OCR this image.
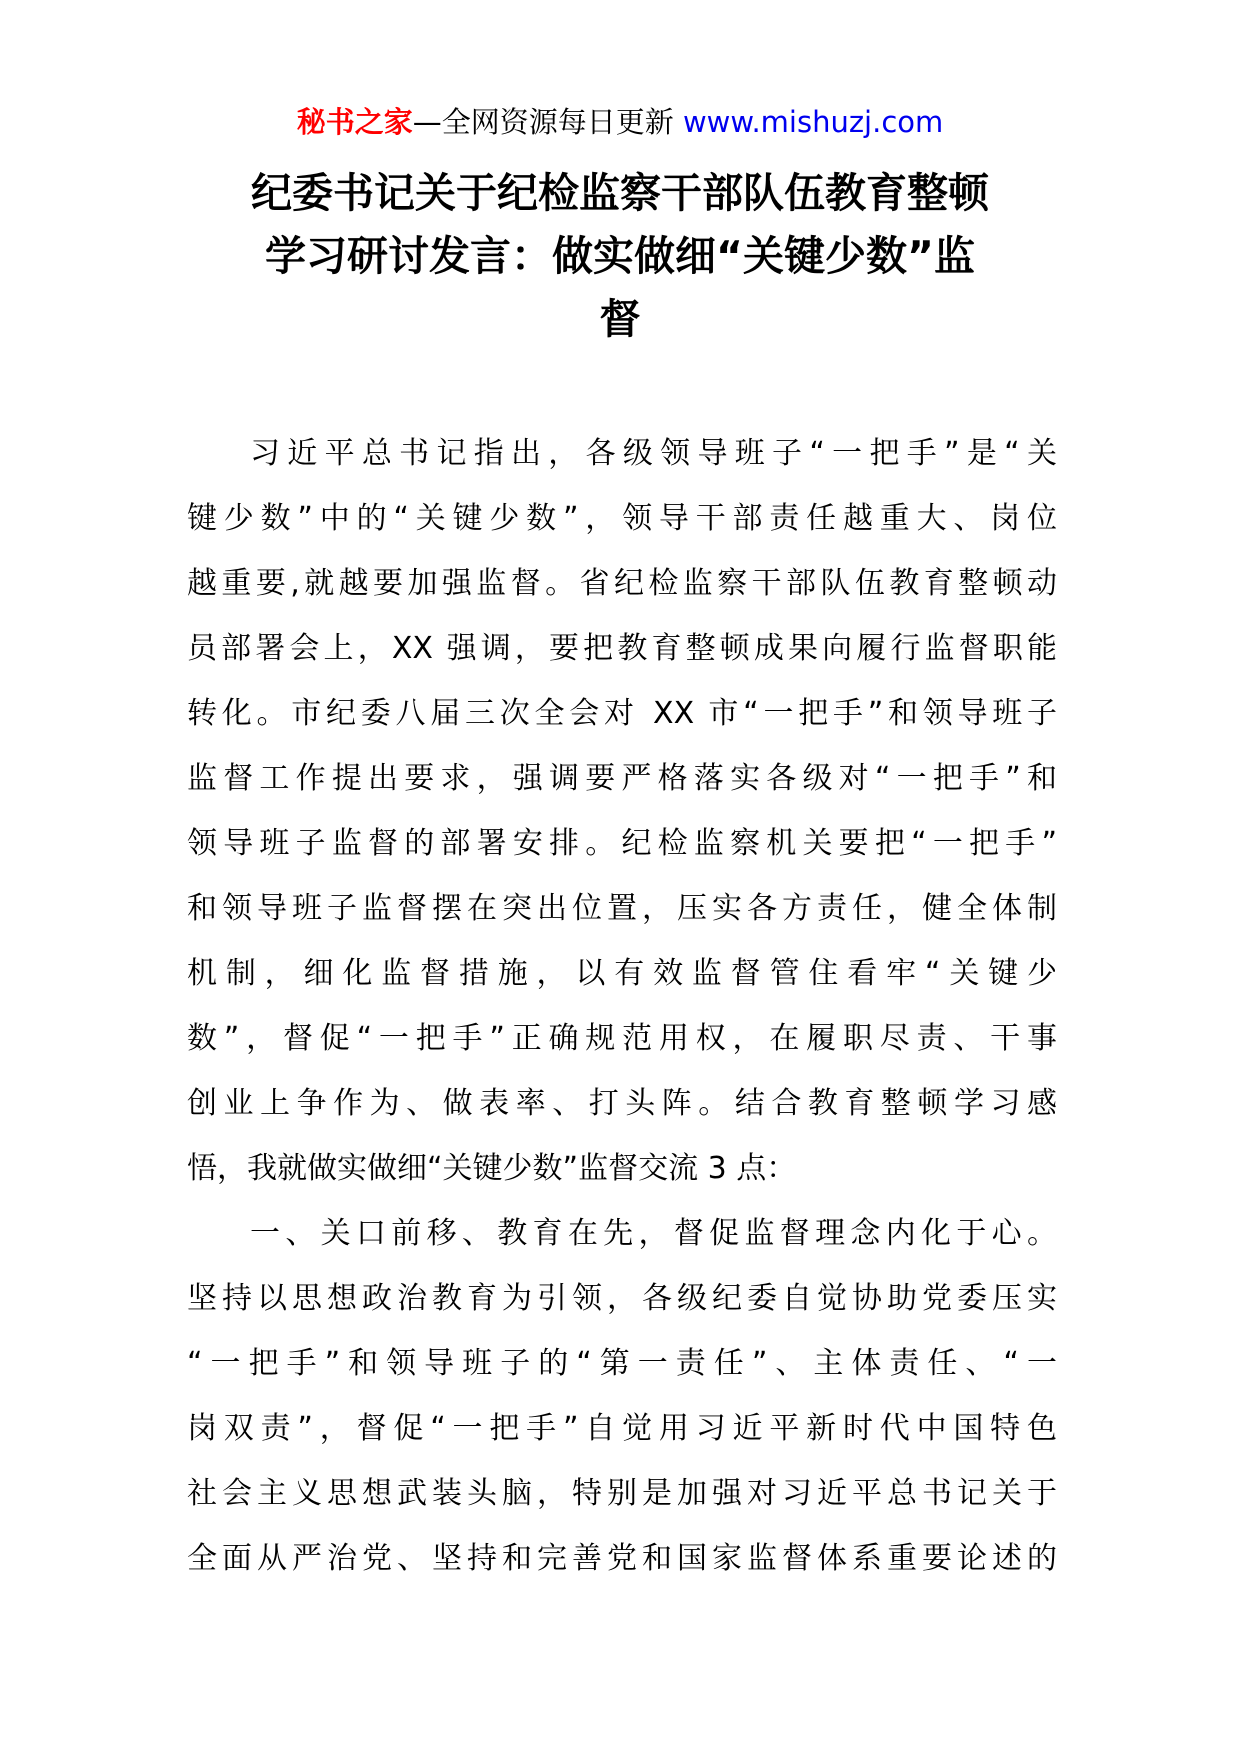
秘书之家—全网资源每日更新 www.mishuzj.com
纪委书记关于纪检监察干部队伍教育整顿
学习研讨发言：做实做细“关键少数”监
督
习近平总书记指出，各级领导班子“一把手”是“关
键少数”中的“关键少数”，领导干部责任越重大、岗位
越重要,就越要加强监督。省纪检监察干部队伍教育整顿动
员部署会上，XX 强调，要把教育整顿成果向履行监督职能
转化。市纪委八届三次全会对 XX 市“一把手”和领导班子
监督工作提出要求，强调要严格落实各级对“一把手”和
领导班子监督的部署安排。纪检监察机关要把“一把手”
和领导班子监督摆在突出位置，压实各方责任，健全体制
机制，细化监督措施，以有效监督管住看牢“关键少
数”，督促“一把手”正确规范用权，在履职尽责、干事
创业上争作为、做表率、打头阵。结合教育整顿学习感
悟，我就做实做细“关键少数”监督交流 3 点：
一、关口前移、教育在先，督促监督理念内化于心。
坚持以思想政治教育为引领，各级纪委自觉协助党委压实
“一把手”和领导班子的“第一责任”、主体责任、“一
岗双责”，督促“一把手”自觉用习近平新时代中国特色
社会主义思想武装头脑，特别是加强对习近平总书记关于
全面从严治党、坚持和完善党和国家监督体系重要论述的
